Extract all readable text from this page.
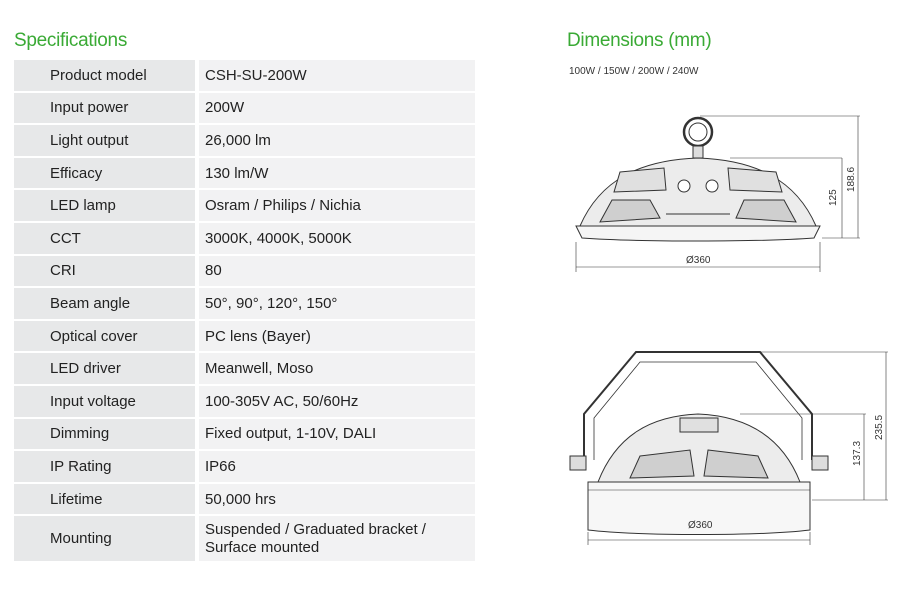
Specifications	Dimensions (mm)
100W / 150W / 200W / 240W
Product model	CSH-SU-200W
Input power	200W
Light output	26,000 lm
Efficacy	130 lm/W
LED lamp	Osram / Philips / Nichia
CCT	3000K, 4000K, 5000K
CRI	80
Beam angle	50°, 90°, 120°, 150°
Optical cover	PC lens (Bayer)
LED driver	Meanwell, Moso
Input voltage	100-305V AC, 50/60Hz
Dimming	Fixed output, 1-10V, DALI
IP Rating	IP66
Lifetime	50,000 hrs
Mounting	Suspended / Graduated bracket /
Surface mounted
Ø360
125
188.6
Ø360
137.3
235.5
